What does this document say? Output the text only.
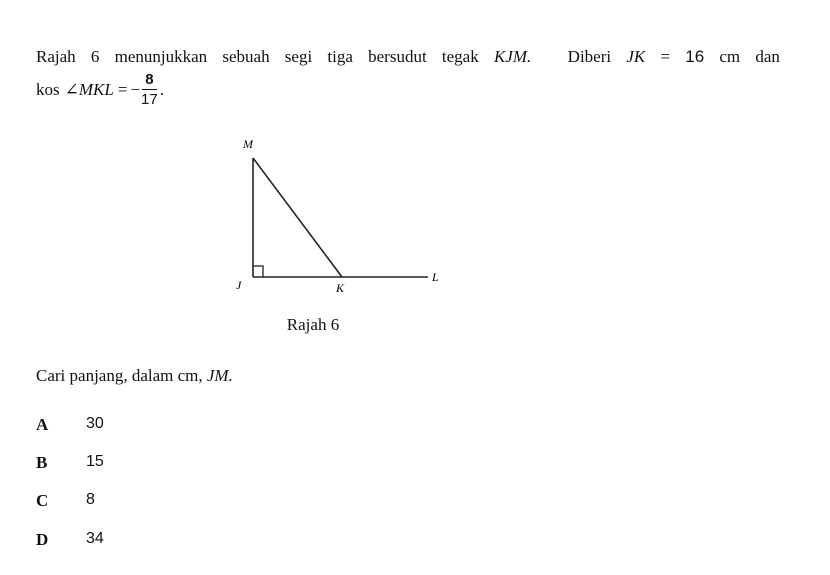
Rajah 6 menunjukkan sebuah segi tiga bersudut tegak KJM. Diberi JK = 16 cm dan
kos ∠ MKL = − $\frac{8}{17}$ .
M
J	K
L
Rajah 6
Cari panjang, dalam cm, JM.
A	30
B	15
C	8
D	34
